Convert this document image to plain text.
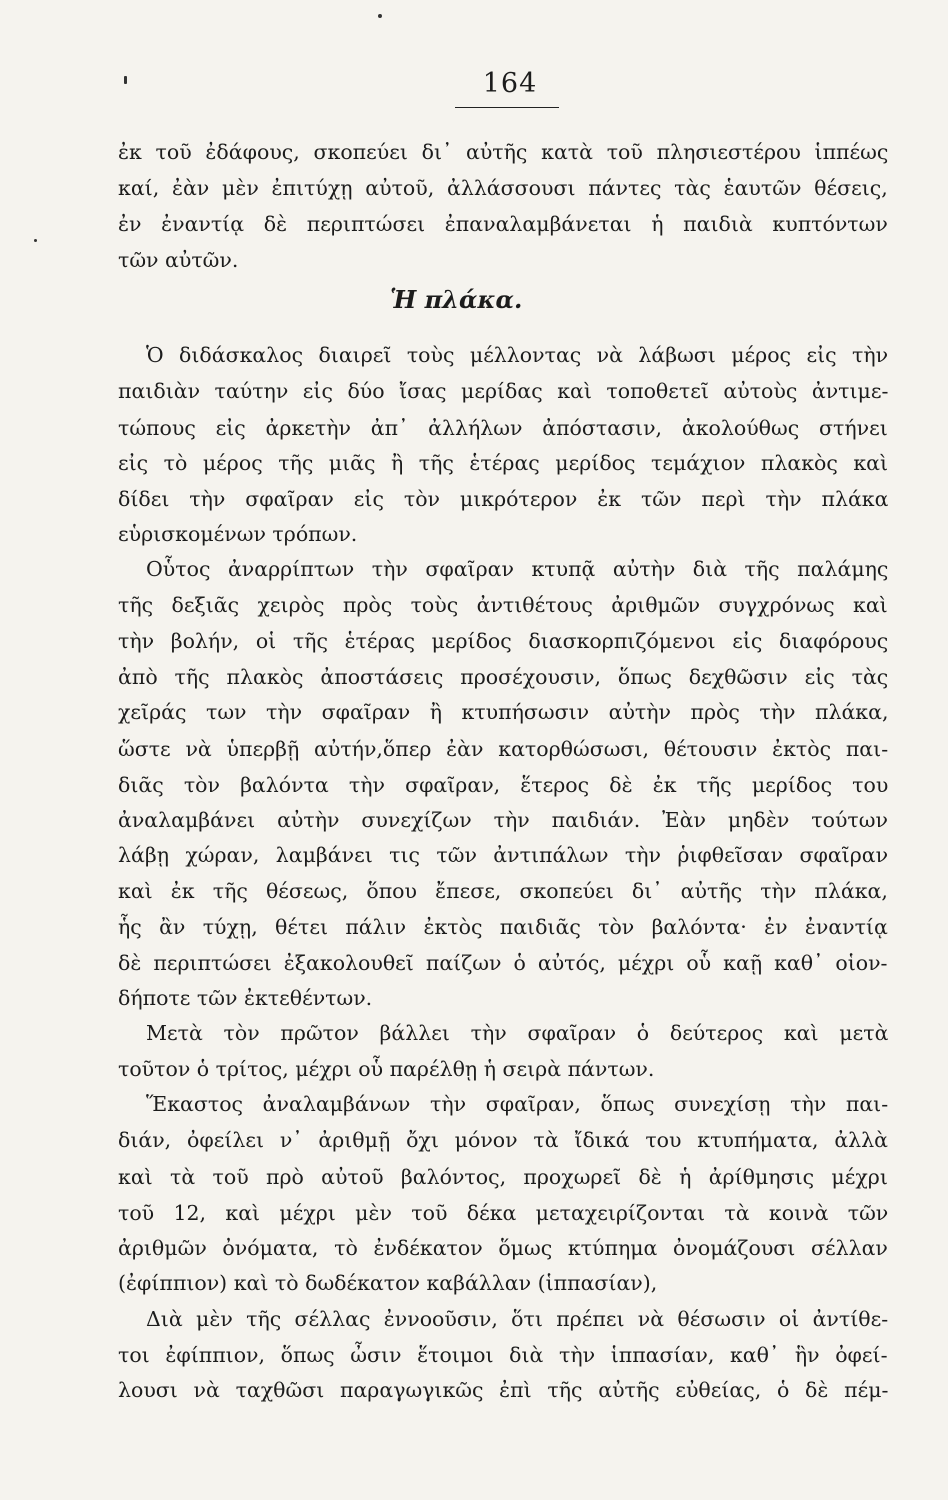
164
ἐκ τοῦ ἐδάφους, σκοπεύει δι᾽ αὐτῆς κατὰ τοῦ πλησιεστέρου ἱππέως
καί, ἐὰν μὲν ἐπιτύχῃ αὐτοῦ, ἀλλάσσουσι πάντες τὰς ἑαυτῶν θέσεις,
ἐν ἐναντίᾳ δὲ περιπτώσει ἐπαναλαμβάνεται ἡ παιδιὰ κυπτόντων
τῶν αὐτῶν.
Ὁ διδάσκαλος διαιρεῖ τοὺς μέλλοντας νὰ λάβωσι μέρος εἰς τὴν
παιδιὰν ταύτην εἰς δύο ἴσας μερίδας καὶ τοποθετεῖ αὐτοὺς ἀντιμε-
τώπους εἰς ἀρκετὴν ἀπ᾽ ἀλλήλων ἀπόστασιν, ἀκολούθως στήνει
εἰς τὸ μέρος τῆς μιᾶς ἢ τῆς ἑτέρας μερίδος τεμάχιον πλακὸς καὶ
δίδει τὴν σφαῖραν εἰς τὸν μικρότερον ἐκ τῶν περὶ τὴν πλάκα
εὑρισκομένων τρόπων.
Οὗτος ἀναρρίπτων τὴν σφαῖραν κτυπᾷ αὐτὴν διὰ τῆς παλάμης
τῆς δεξιᾶς χειρὸς πρὸς τοὺς ἀντιθέτους ἀριθμῶν συγχρόνως καὶ
τὴν βολήν, οἱ τῆς ἑτέρας μερίδος διασκορπιζόμενοι εἰς διαφόρους
ἀπὸ τῆς πλακὸς ἀποστάσεις προσέχουσιν, ὅπως δεχθῶσιν εἰς τὰς
χεῖράς των τὴν σφαῖραν ἢ κτυπήσωσιν αὐτὴν πρὸς τὴν πλάκα,
ὥστε νὰ ὑπερβῇ αὐτήν,ὅπερ ἐὰν κατορθώσωσι, θέτουσιν ἐκτὸς παι-
διᾶς τὸν βαλόντα τὴν σφαῖραν, ἕτερος δὲ ἐκ τῆς μερίδος του
ἀναλαμβάνει αὐτὴν συνεχίζων τὴν παιδιάν. Ἐὰν μηδὲν τούτων
λάβῃ χώραν, λαμβάνει τις τῶν ἀντιπάλων τὴν ῥιφθεῖσαν σφαῖραν
καὶ ἐκ τῆς θέσεως, ὅπου ἔπεσε, σκοπεύει δι᾽ αὐτῆς τὴν πλάκα,
ἧς ἂν τύχῃ, θέτει πάλιν ἐκτὸς παιδιᾶς τὸν βαλόντα· ἐν ἐναντίᾳ
δὲ περιπτώσει ἐξακολουθεῖ παίζων ὁ αὐτός, μέχρι οὗ καῇ καθ᾽ οἱον-
δήποτε τῶν ἐκτεθέντων.
Μετὰ τὸν πρῶτον βάλλει τὴν σφαῖραν ὁ δεύτερος καὶ μετὰ
τοῦτον ὁ τρίτος, μέχρι οὗ παρέλθῃ ἡ σειρὰ πάντων.
Ἕκαστος ἀναλαμβάνων τὴν σφαῖραν, ὅπως συνεχίσῃ τὴν παι-
διάν, ὀφείλει ν᾽ ἀριθμῇ ὄχι μόνον τὰ ἴδικά του κτυπήματα, ἀλλὰ
καὶ τὰ τοῦ πρὸ αὐτοῦ βαλόντος, προχωρεῖ δὲ ἡ ἀρίθμησις μέχρι
τοῦ 12, καὶ μέχρι μὲν τοῦ δέκα μεταχειρίζονται τὰ κοινὰ τῶν
ἀριθμῶν ὀνόματα, τὸ ἐνδέκατον ὅμως κτύπημα ὀνομάζουσι σέλλαν
(ἐφίππιον) καὶ τὸ δωδέκατον καβάλλαν (ἱππασίαν),
Διὰ μὲν τῆς σέλλας ἐννοοῦσιν, ὅτι πρέπει νὰ θέσωσιν οἱ ἀντίθε-
τοι ἐφίππιον, ὅπως ὦσιν ἕτοιμοι διὰ τὴν ἱππασίαν, καθ᾽ ἣν ὀφεί-
λουσι νὰ ταχθῶσι παραγωγικῶς ἐπὶ τῆς αὐτῆς εὐθείας, ὁ δὲ πέμ-
Ἡ πλάκα.
